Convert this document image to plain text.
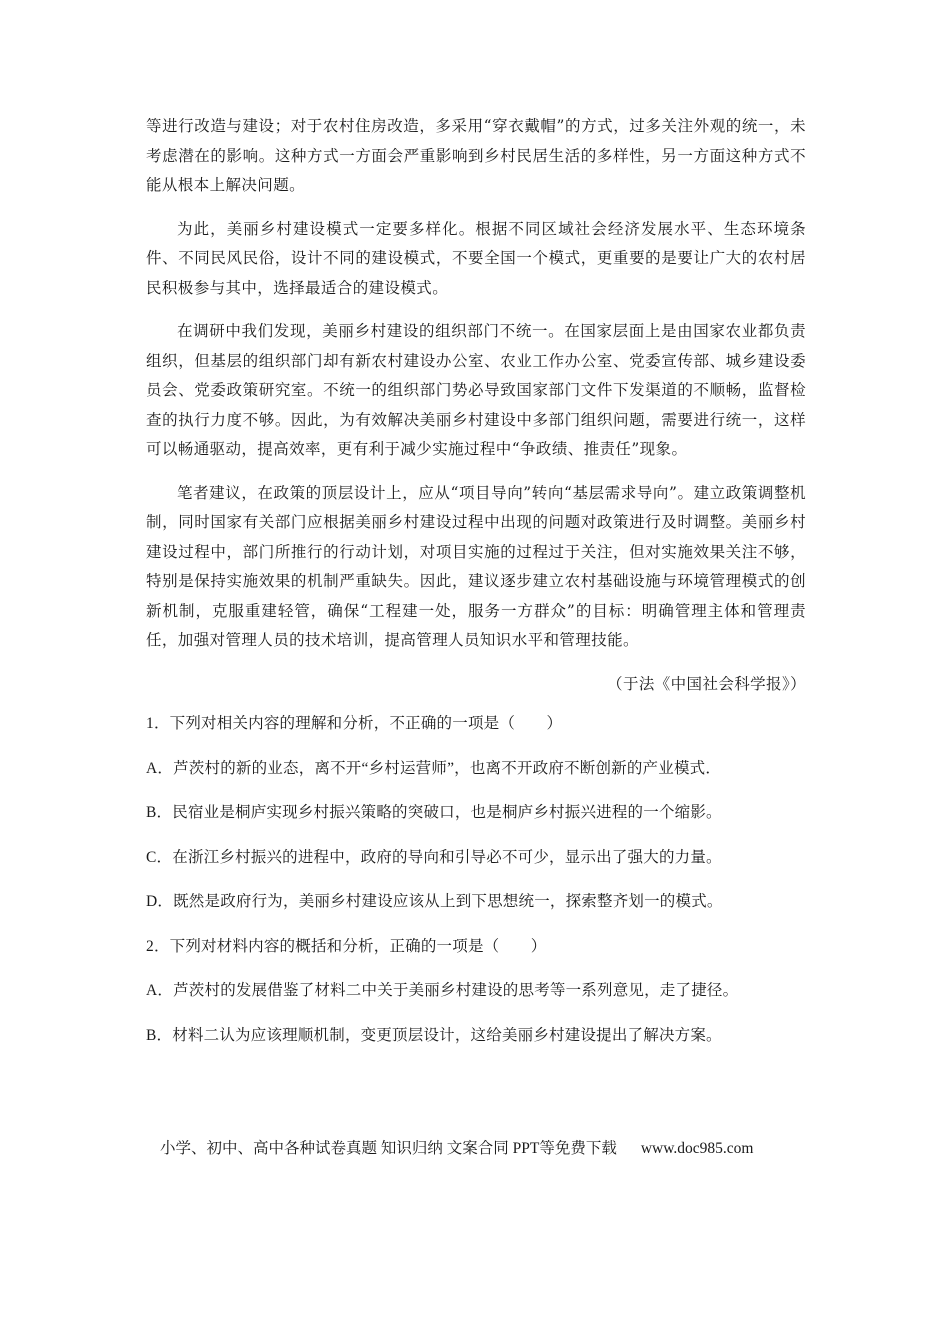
等进行改造与建设；对于农村住房改造，多采用“穿衣戴帽”的方式，过多关注外观的统一，未考虑潜在的影响。这种方式一方面会严重影响到乡村民居生活的多样性，另一方面这种方式不能从根本上解决问题。

为此，美丽乡村建设模式一定要多样化。根据不同区域社会经济发展水平、生态环境条件、不同民风民俗，设计不同的建设模式，不要全国一个模式，更重要的是要让广大的农村居民积极参与其中，选择最适合的建设模式。

在调研中我们发现，美丽乡村建设的组织部门不统一。在国家层面上是由国家农业都负责组织，但基层的组织部门却有新农村建设办公室、农业工作办公室、党委宣传部、城乡建设委员会、党委政策研究室。不统一的组织部门势必导致国家部门文件下发渠道的不顺畅，监督检查的执行力度不够。因此，为有效解决美丽乡村建设中多部门组织问题，需要进行统一，这样可以畅通驱动，提高效率，更有利于减少实施过程中“争政绩、推责任”现象。

笔者建议，在政策的顶层设计上，应从“项目导向”转向“基层需求导向”。建立政策调整机制，同时国家有关部门应根据美丽乡村建设过程中出现的问题对政策进行及时调整。美丽乡村建设过程中，部门所推行的行动计划，对项目实施的过程过于关注，但对实施效果关注不够，特别是保持实施效果的机制严重缺失。因此，建议逐步建立农村基础设施与环境管理模式的创新机制，克服重建轻管，确保“工程建一处，服务一方群众”的目标：明确管理主体和管理责任，加强对管理人员的技术培训，提高管理人员知识水平和管理技能。

（于法《中国社会科学报》）

1．下列对相关内容的理解和分析，不正确的一项是（　　）

A．芦茨村的新的业态，离不开“乡村运营师”，也离不开政府不断创新的产业模式．

B．民宿业是桐庐实现乡村振兴策略的突破口，也是桐庐乡村振兴进程的一个缩影。

C．在浙江乡村振兴的进程中，政府的导向和引导必不可少，显示出了强大的力量。

D．既然是政府行为，美丽乡村建设应该从上到下思想统一，探索整齐划一的模式。

2．下列对材料内容的概括和分析，正确的一项是（　　）

A．芦茨村的发展借鉴了材料二中关于美丽乡村建设的思考等一系列意见，走了捷径。

B．材料二认为应该理顺机制，变更顶层设计，这给美丽乡村建设提出了解决方案。

小学、初中、高中各种试卷真题 知识归纳 文案合同 PPT等免费下载 www.doc985.com
